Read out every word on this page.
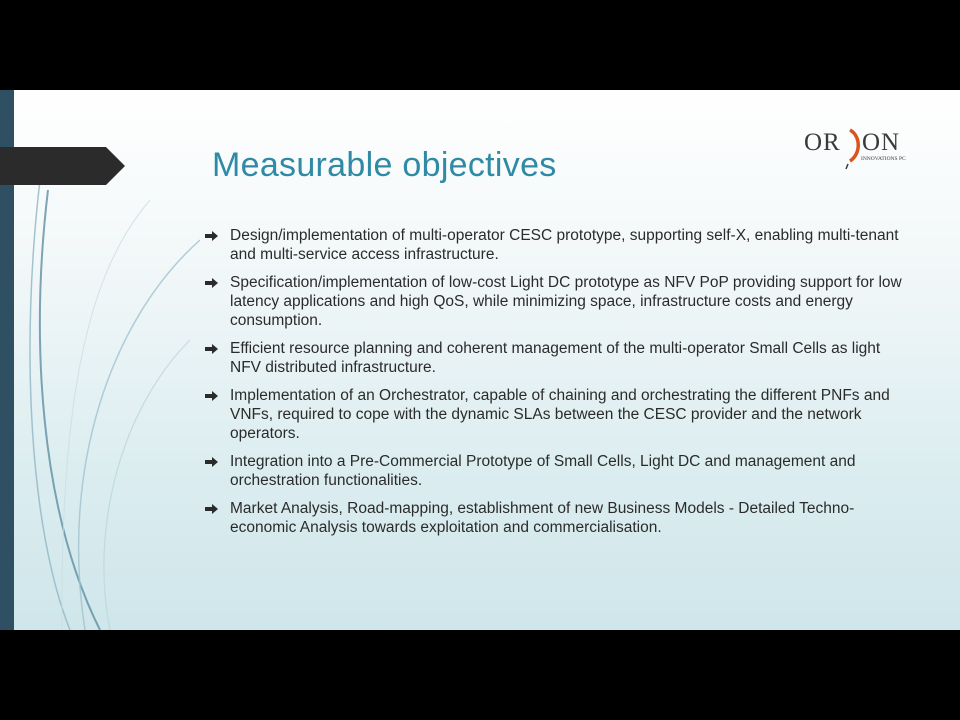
Measurable objectives
OR ON
INNOVATIONS PC
Design/implementation of multi-operator CESC prototype, supporting self-X, enabling multi-tenant and multi-service access infrastructure.
Specification/implementation of low-cost Light DC prototype as NFV PoP providing support for low latency applications and high QoS, while minimizing space, infrastructure costs and energy consumption.
Efficient resource planning and coherent management of the multi-operator Small Cells as light NFV distributed infrastructure.
Implementation of an Orchestrator, capable of chaining and orchestrating the different PNFs and VNFs, required to cope with the dynamic SLAs between the CESC provider and the network operators.
Integration into a Pre-Commercial Prototype of Small Cells, Light DC and management and orchestration functionalities.
Market Analysis, Road-mapping, establishment of new Business Models - Detailed Techno-economic Analysis towards exploitation and commercialisation.
